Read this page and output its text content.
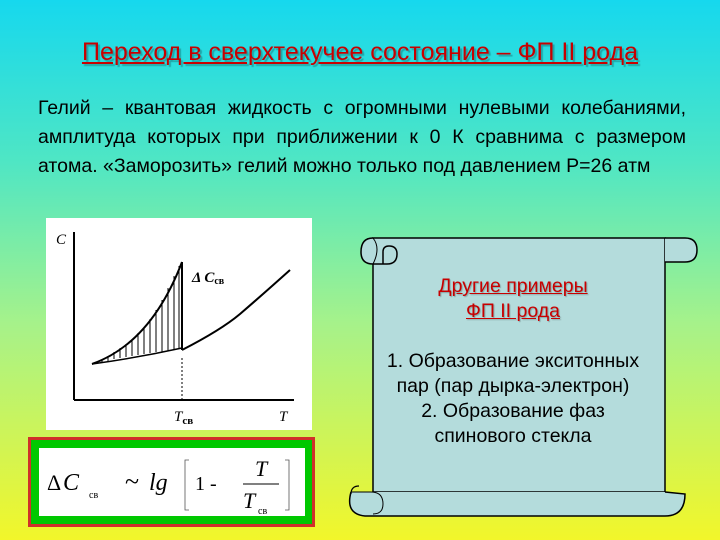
Переход в сверхтекучее состояние – ФП II рода
Гелий – квантовая жидкость с огромными нулевыми колебаниями, амплитуда которых при приближении к 0 К сравнима с размером атома. «Заморозить» гелий можно только под давлением P=26 атм
C
T
$T_{св}$
Δ Cсв
Δ C св ~ lg 1 -
T
T св
Другие примеры
ФП II рода
1. Образование экситонных пар (пар дырка-электрон)
2. Образование фаз спинового стекла
